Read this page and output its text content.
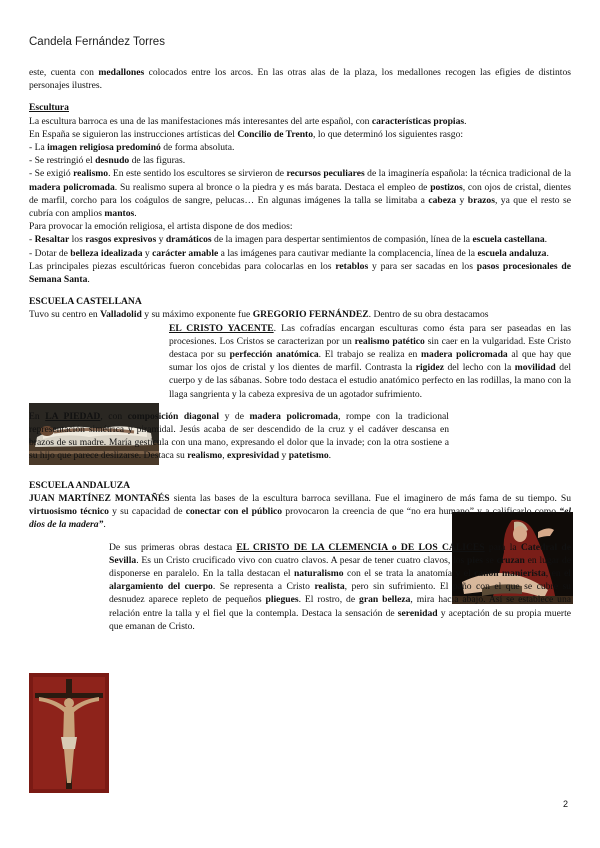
Candela Fernández Torres

este, cuenta con medallones colocados entre los arcos. En las otras alas de la plaza, los medallones recogen las efigies de distintos personajes ilustres.

Escultura

La escultura barroca es una de las manifestaciones más interesantes del arte español, con características propias.

En España se siguieron las instrucciones artísticas del Concilio de Trento, lo que determinó los siguientes rasgo:

- La imagen religiosa predominó de forma absoluta.

- Se restringió el desnudo de las figuras.

- Se exigió realismo. En este sentido los escultores se sirvieron de recursos peculiares de la imaginería española: la técnica tradicional de la madera policromada. Su realismo supera al bronce o la piedra y es más barata. Destaca el empleo de postizos, con ojos de cristal, dientes de marfil, corcho para los coágulos de sangre, pelucas… En algunas imágenes la talla se limitaba a cabeza y brazos, ya que el resto se cubría con amplios mantos.

Para provocar la emoción religiosa, el artista dispone de dos medios:

- Resaltar los rasgos expresivos y dramáticos de la imagen para despertar sentimientos de compasión, línea de la escuela castellana.

- Dotar de belleza idealizada y carácter amable a las imágenes para cautivar mediante la complacencia, línea de la escuela andaluza.

Las principales piezas escultóricas fueron concebidas para colocarlas en los retablos y para ser sacadas en los pasos procesionales de Semana Santa.

ESCUELA CASTELLANA

Tuvo su centro en Valladolid y su máximo exponente fue GREGORIO FERNÁNDEZ. Dentro de su obra destacamos

EL CRISTO YACENTE. Las cofradías encargan esculturas como ésta para ser paseadas en las procesiones. Los Cristos se caracterizan por un realismo patético sin caer en la vulgaridad. Este Cristo destaca por su perfección anatómica. El trabajo se realiza en madera policromada al que hay que sumar los ojos de cristal y los dientes de marfil. Contrasta la rigidez del lecho con la movilidad del cuerpo y de las sábanas. Sobre todo destaca el estudio anatómico perfecto en las rodillas, la mano con la llaga sangrienta y la cabeza expresiva de un agotador sufrimiento.

En LA PIEDAD, con composición diagonal y de madera policromada, rompe con la tradicional representación simétrica y piramidal. Jesús acaba de ser descendido de la cruz y el cadáver descansa en brazos de su madre. María gesticula con una mano, expresando el dolor que la invade; con la otra sostiene a su hijo que parece deslizarse. Destaca su realismo, expresividad y patetismo.

ESCUELA ANDALUZA

JUAN MARTÍNEZ MONTAÑÉS sienta las bases de la escultura barroca sevillana. Fue el imaginero de más fama de su tiempo. Su virtuosismo técnico y su capacidad de conectar con el público provocaron la creencia de que “no era humano” y a calificarlo como “el dios de la madera”.

De sus primeras obras destaca EL CRISTO DE LA CLEMENCIA o DE LOS CÁLICES para la Catedral de Sevilla. Es un Cristo crucificado vivo con cuatro clavos. A pesar de tener cuatro clavos, los pies se cruzan en lugar de disponerse en paralelo. En la talla destacan el naturalismo con el se trata la anatomía y el canon manierista, en el alargamiento del cuerpo. Se representa a Cristo realista, pero sin sufrimiento. El paño con el que se cubre su desnudez aparece repleto de pequeños pliegues. El rostro, de gran belleza, mira hacia abajo. Así se establece una relación entre la talla y el fiel que la contempla. Destaca la sensación de serenidad y aceptación de su propia muerte que emanan de Cristo.

2
